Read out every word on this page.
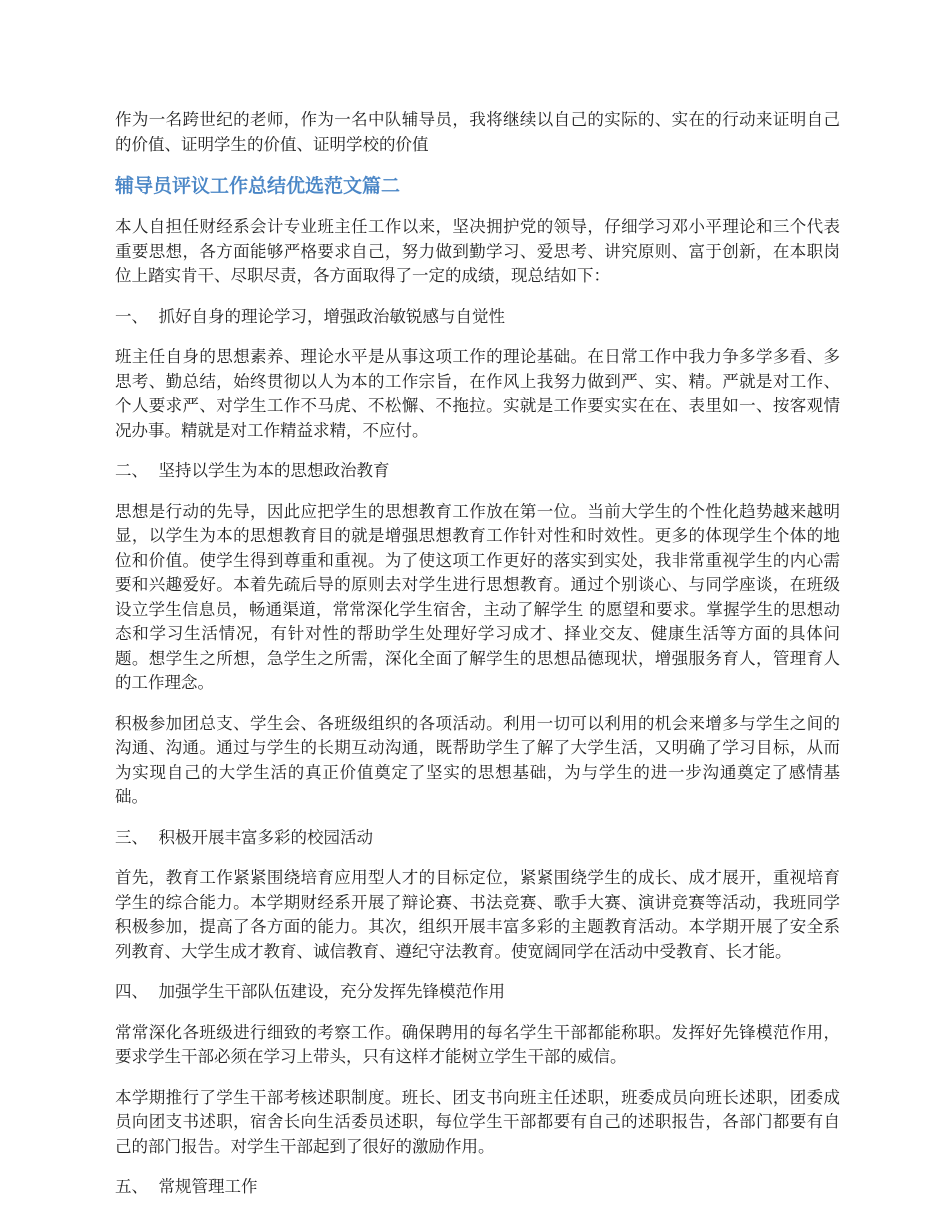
作为一名跨世纪的老师，作为一名中队辅导员，我将继续以自己的实际的、实在的行动来证明自己的价值、证明学生的价值、证明学校的价值

辅导员评议工作总结优选范文篇二

本人自担任财经系会计专业班主任工作以来，坚决拥护党的领导，仔细学习邓小平理论和三个代表重要思想，各方面能够严格要求自己，努力做到勤学习、爱思考、讲究原则、富于创新，在本职岗位上踏实肯干、尽职尽责，各方面取得了一定的成绩，现总结如下：

一、  抓好自身的理论学习，增强政治敏锐感与自觉性

班主任自身的思想素养、理论水平是从事这项工作的理论基础。在日常工作中我力争多学多看、多思考、勤总结，始终贯彻以人为本的工作宗旨，在作风上我努力做到严、实、精。严就是对工作、个人要求严、对学生工作不马虎、不松懈、不拖拉。实就是工作要实实在在、表里如一、按客观情况办事。精就是对工作精益求精，不应付。

二、  坚持以学生为本的思想政治教育

思想是行动的先导，因此应把学生的思想教育工作放在第一位。当前大学生的个性化趋势越来越明显，以学生为本的思想教育目的就是增强思想教育工作针对性和时效性。更多的体现学生个体的地位和价值。使学生得到尊重和重视。为了使这项工作更好的落实到实处，我非常重视学生的内心需要和兴趣爱好。本着先疏后导的原则去对学生进行思想教育。通过个别谈心、与同学座谈，在班级设立学生信息员，畅通渠道，常常深化学生宿舍，主动了解学生 的愿望和要求。掌握学生的思想动态和学习生活情况，有针对性的帮助学生处理好学习成才、择业交友、健康生活等方面的具体问题。想学生之所想，急学生之所需，深化全面了解学生的思想品德现状，增强服务育人，管理育人的工作理念。

积极参加团总支、学生会、各班级组织的各项活动。利用一切可以利用的机会来增多与学生之间的沟通、沟通。通过与学生的长期互动沟通，既帮助学生了解了大学生活，又明确了学习目标，从而为实现自己的大学生活的真正价值奠定了坚实的思想基础，为与学生的进一步沟通奠定了感情基础。

三、  积极开展丰富多彩的校园活动

首先，教育工作紧紧围绕培育应用型人才的目标定位，紧紧围绕学生的成长、成才展开，重视培育学生的综合能力。本学期财经系开展了辩论赛、书法竞赛、歌手大赛、演讲竞赛等活动，我班同学积极参加，提高了各方面的能力。其次，组织开展丰富多彩的主题教育活动。本学期开展了安全系列教育、大学生成才教育、诚信教育、遵纪守法教育。使宽阔同学在活动中受教育、长才能。

四、  加强学生干部队伍建设，充分发挥先锋模范作用

常常深化各班级进行细致的考察工作。确保聘用的每名学生干部都能称职。发挥好先锋模范作用，要求学生干部必须在学习上带头，只有这样才能树立学生干部的威信。

本学期推行了学生干部考核述职制度。班长、团支书向班主任述职，班委成员向班长述职，团委成员向团支书述职，宿舍长向生活委员述职，每位学生干部都要有自己的述职报告，各部门都要有自己的部门报告。对学生干部起到了很好的激励作用。

五、  常规管理工作
